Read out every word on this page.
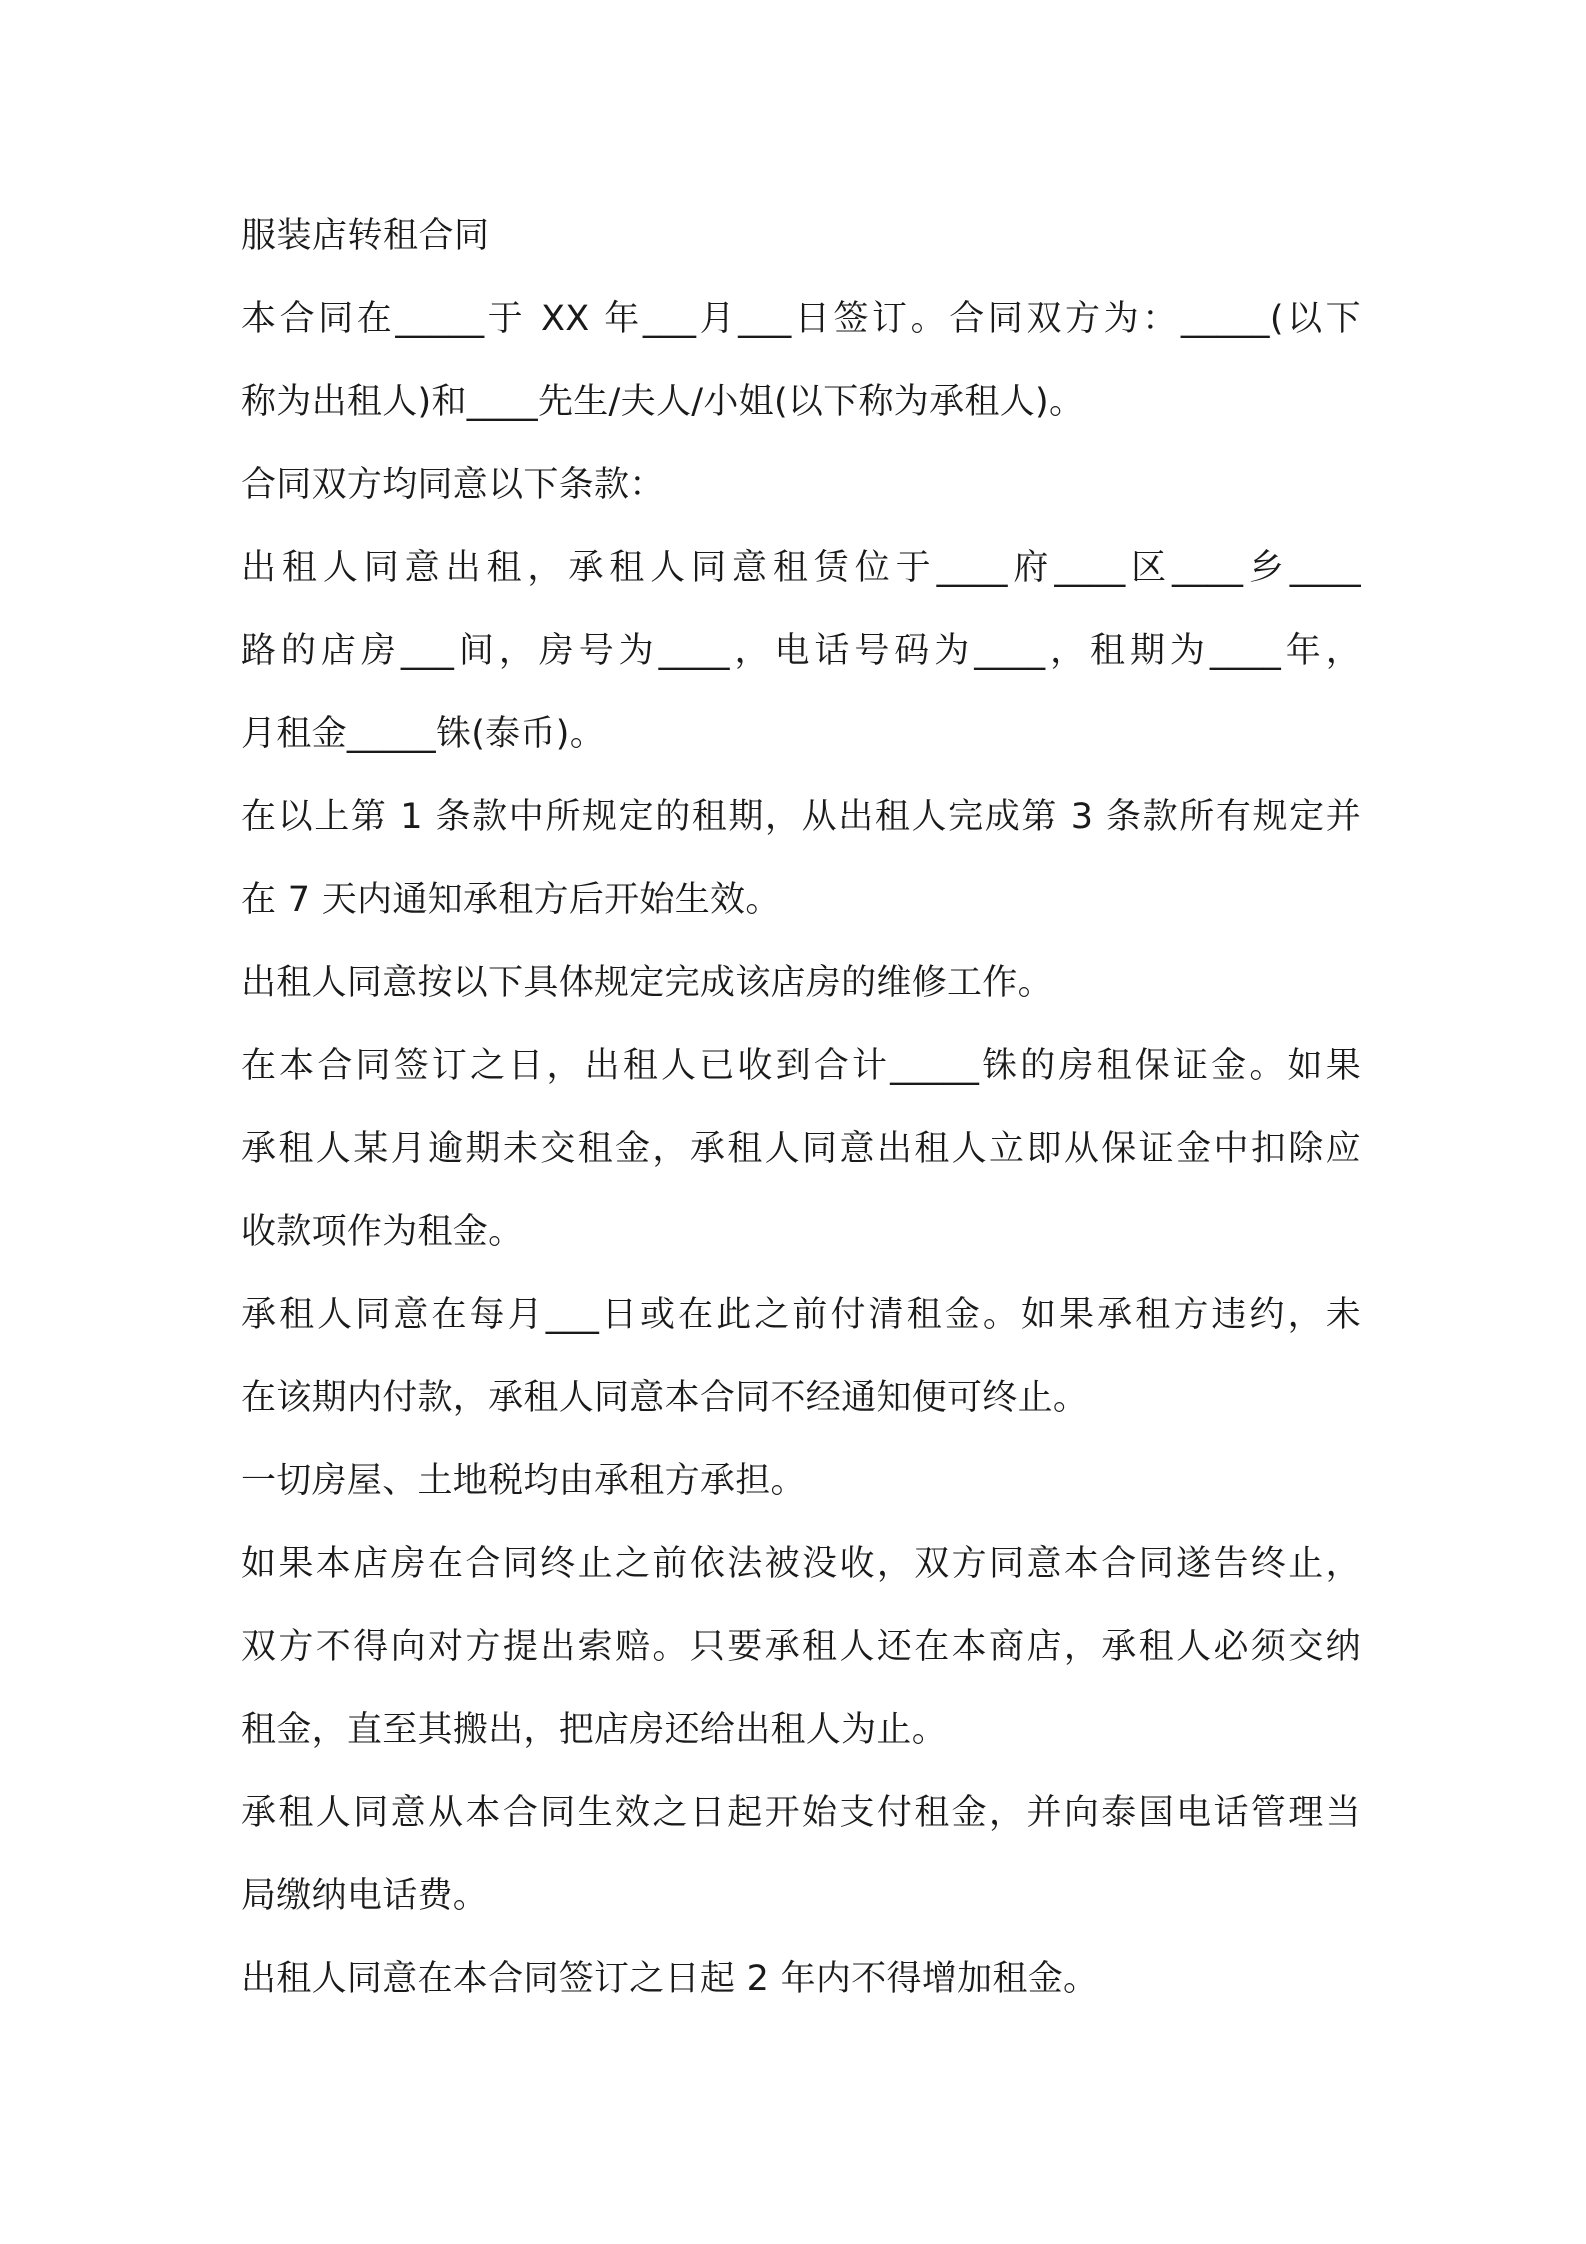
服装店转租合同
本合同在_____于 XX 年___月___日签订。合同双方为：_____(以下
称为出租人)和____先生/夫人/小姐(以下称为承租人)。
合同双方均同意以下条款：
出租人同意出租，承租人同意租赁位于____府____区____乡____
路的店房___间，房号为____，电话号码为____，租期为____年，
月租金_____铢(泰币)。
在以上第 1 条款中所规定的租期，从出租人完成第 3 条款所有规定并
在 7 天内通知承租方后开始生效。
出租人同意按以下具体规定完成该店房的维修工作。
在本合同签订之日，出租人已收到合计_____铢的房租保证金。如果
承租人某月逾期未交租金，承租人同意出租人立即从保证金中扣除应
收款项作为租金。
承租人同意在每月___日或在此之前付清租金。如果承租方违约，未
在该期内付款，承租人同意本合同不经通知便可终止。
一切房屋、土地税均由承租方承担。
如果本店房在合同终止之前依法被没收，双方同意本合同遂告终止，
双方不得向对方提出索赔。只要承租人还在本商店，承租人必须交纳
租金，直至其搬出，把店房还给出租人为止。
承租人同意从本合同生效之日起开始支付租金，并向泰国电话管理当
局缴纳电话费。
出租人同意在本合同签订之日起 2 年内不得增加租金。
